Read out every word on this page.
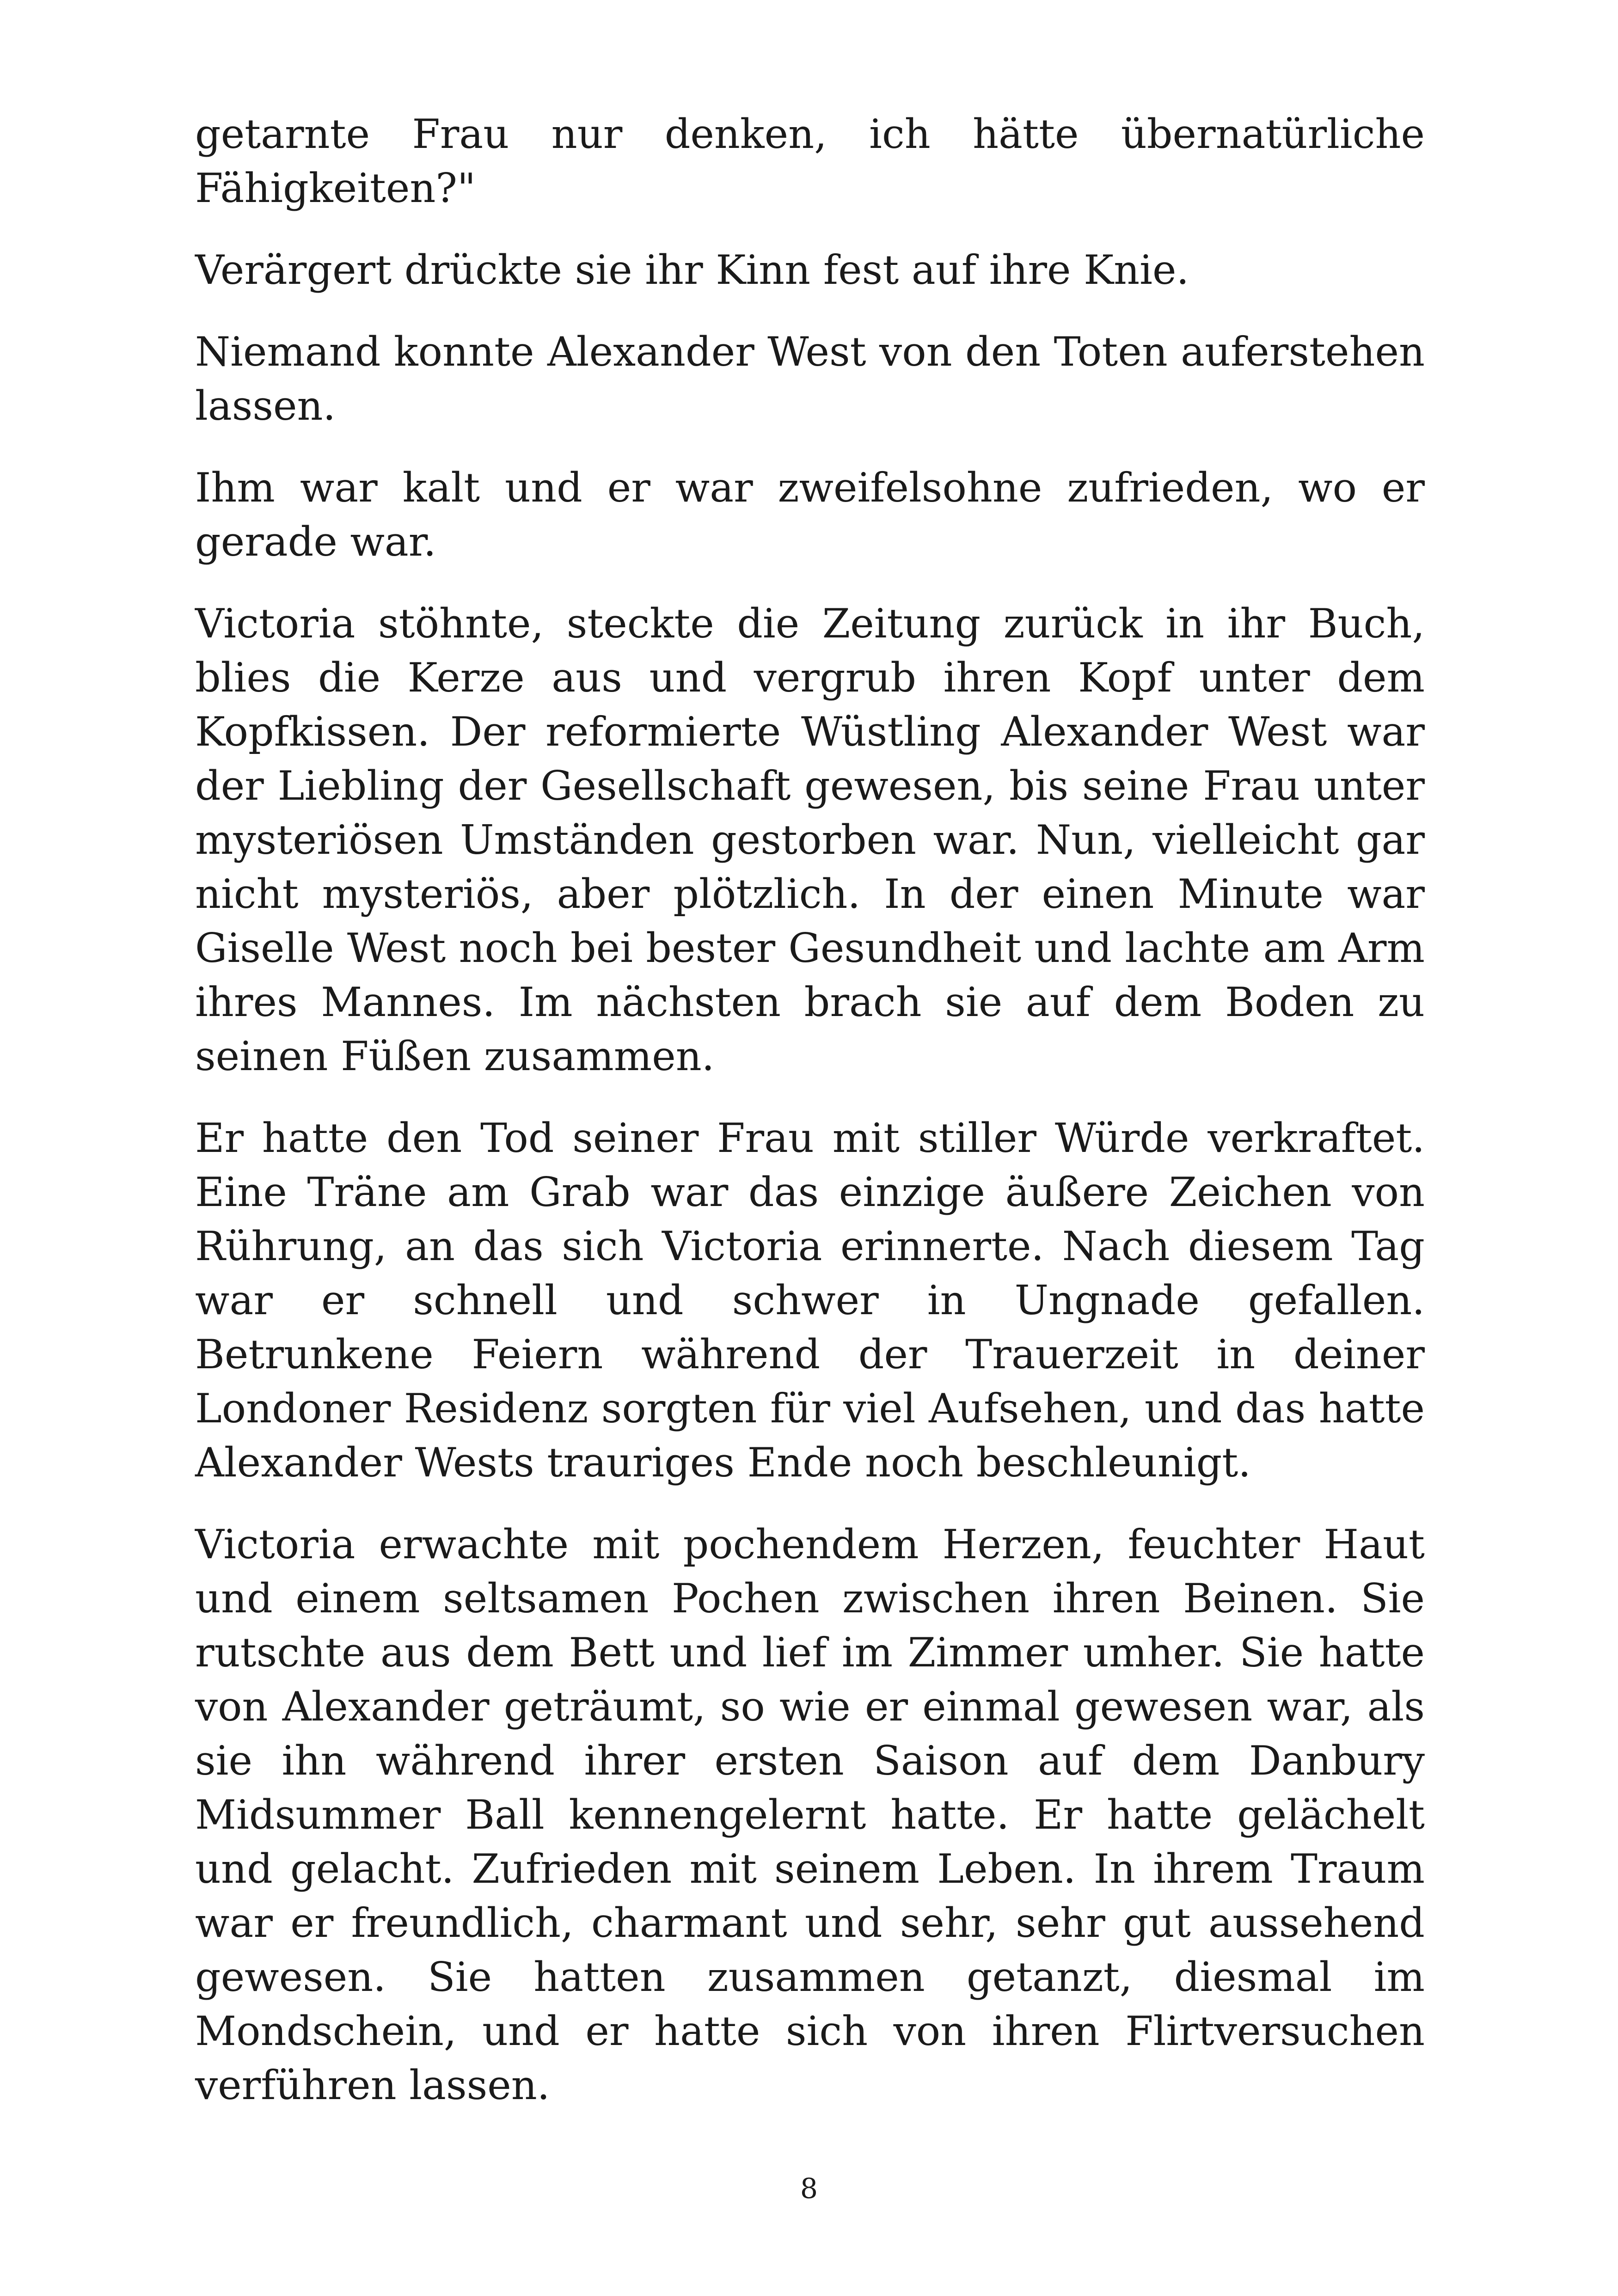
getarnte Frau nur denken, ich hätte übernatürliche Fähigkeiten?"

Verärgert drückte sie ihr Kinn fest auf ihre Knie.

Niemand konnte Alexander West von den Toten auferstehen lassen.

Ihm war kalt und er war zweifelsohne zufrieden, wo er gerade war.

Victoria stöhnte, steckte die Zeitung zurück in ihr Buch, blies die Kerze aus und vergrub ihren Kopf unter dem Kopfkissen. Der reformierte Wüstling Alexander West war der Liebling der Gesellschaft gewesen, bis seine Frau unter mysteriösen Umständen gestorben war. Nun, vielleicht gar nicht mysteriös, aber plötzlich. In der einen Minute war Giselle West noch bei bester Gesundheit und lachte am Arm ihres Mannes. Im nächsten brach sie auf dem Boden zu seinen Füßen zusammen.

Er hatte den Tod seiner Frau mit stiller Würde verkraftet. Eine Träne am Grab war das einzige äußere Zeichen von Rührung, an das sich Victoria erinnerte. Nach diesem Tag war er schnell und schwer in Ungnade gefallen. Betrunkene Feiern während der Trauerzeit in deiner Londoner Residenz sorgten für viel Aufsehen, und das hatte Alexander Wests trauriges Ende noch beschleunigt.

Victoria erwachte mit pochendem Herzen, feuchter Haut und einem seltsamen Pochen zwischen ihren Beinen. Sie rutschte aus dem Bett und lief im Zimmer umher. Sie hatte von Alexander geträumt, so wie er einmal gewesen war, als sie ihn während ihrer ersten Saison auf dem Danbury Midsummer Ball kennengelernt hatte. Er hatte gelächelt und gelacht. Zufrieden mit seinem Leben. In ihrem Traum war er freundlich, charmant und sehr, sehr gut aussehend gewesen. Sie hatten zusammen getanzt, diesmal im Mondschein, und er hatte sich von ihren Flirtversuchen verführen lassen.

8
